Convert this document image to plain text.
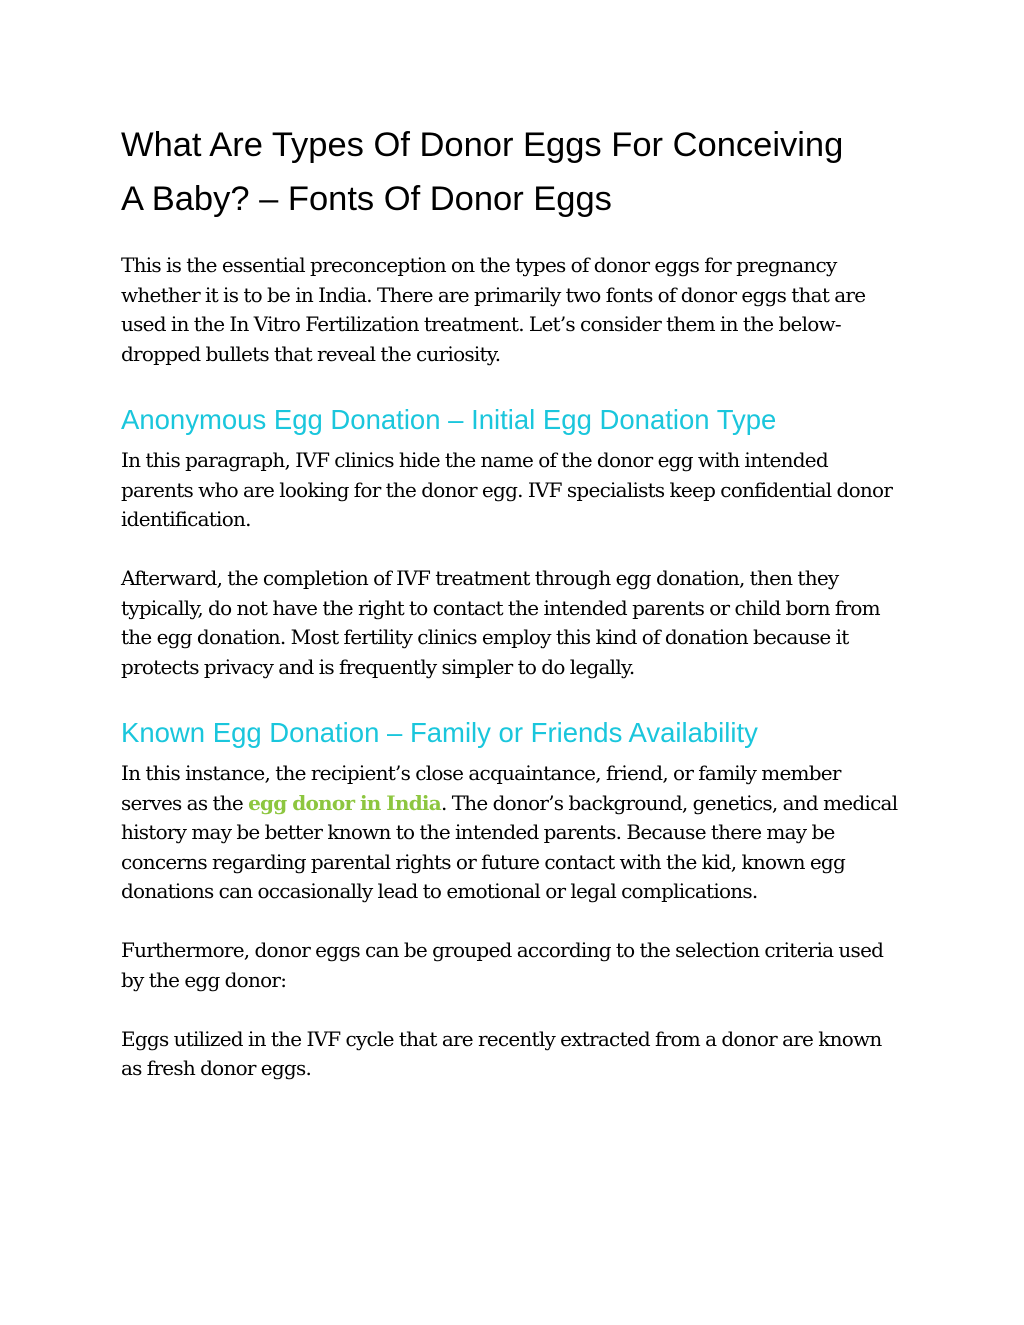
What Are Types Of Donor Eggs For Conceiving
A Baby? – Fonts Of Donor Eggs

This is the essential preconception on the types of donor eggs for pregnancy whether it is to be in India. There are primarily two fonts of donor eggs that are used in the In Vitro Fertilization treatment. Let’s consider them in the below-dropped bullets that reveal the curiosity.

Anonymous Egg Donation – Initial Egg Donation Type

In this paragraph, IVF clinics hide the name of the donor egg with intended parents who are looking for the donor egg. IVF specialists keep confidential donor identification.

Afterward, the completion of IVF treatment through egg donation, then they typically, do not have the right to contact the intended parents or child born from the egg donation. Most fertility clinics employ this kind of donation because it protects privacy and is frequently simpler to do legally.

Known Egg Donation – Family or Friends Availability

In this instance, the recipient’s close acquaintance, friend, or family member serves as the egg donor in India. The donor’s background, genetics, and medical history may be better known to the intended parents. Because there may be concerns regarding parental rights or future contact with the kid, known egg donations can occasionally lead to emotional or legal complications.

Furthermore, donor eggs can be grouped according to the selection criteria used by the egg donor:

Eggs utilized in the IVF cycle that are recently extracted from a donor are known as fresh donor eggs.
